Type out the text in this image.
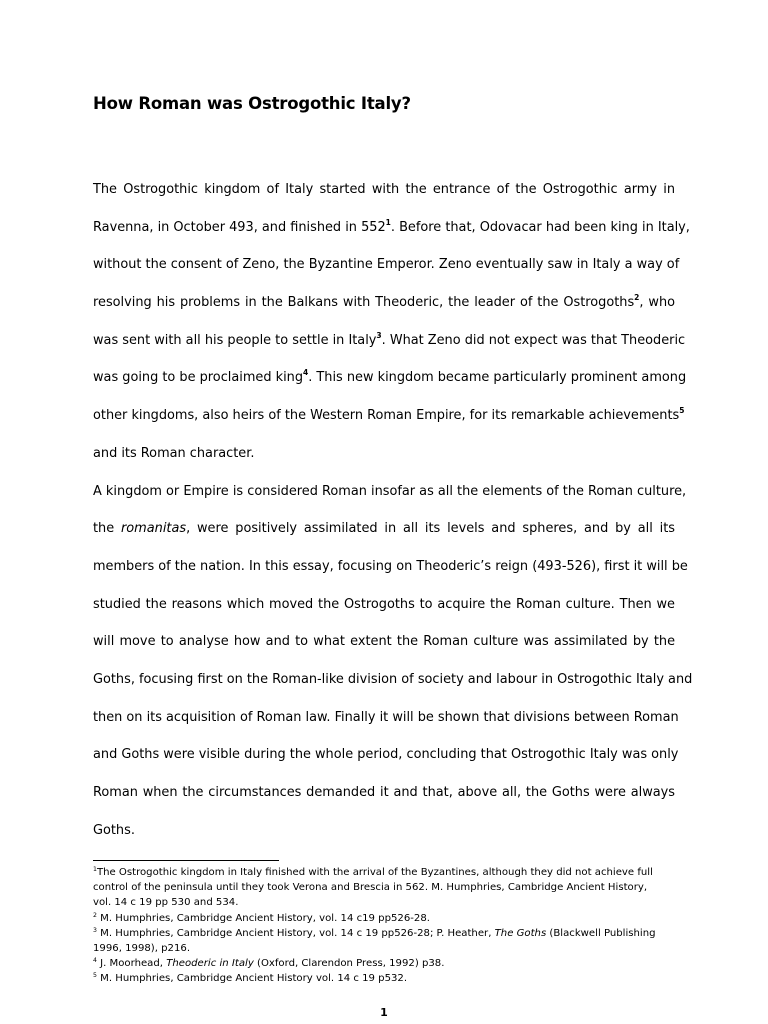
How Roman was Ostrogothic Italy?
The Ostrogothic kingdom of Italy started with the entrance of the Ostrogothic army in
Ravenna, in October 493, and finished in $552^1$. Before that, Odovacar had been king in Italy,
without the consent of Zeno, the Byzantine Emperor. Zeno eventually saw in Italy a way of
resolving his problems in the Balkans with Theoderic, the leader of the Ostrogoths$^2$, who
was sent with all his people to settle in Italy$^3$. What Zeno did not expect was that Theoderic
was going to be proclaimed king$^4$. This new kingdom became particularly prominent among
other kingdoms, also heirs of the Western Roman Empire, for its remarkable achievements$^5$
and its Roman character.
A kingdom or Empire is considered Roman insofar as all the elements of the Roman culture,
the romanitas, were positively assimilated in all its levels and spheres, and by all its
members of the nation. In this essay, focusing on Theoderic’s reign (493-526), first it will be
studied the reasons which moved the Ostrogoths to acquire the Roman culture. Then we
will move to analyse how and to what extent the Roman culture was assimilated by the
Goths, focusing first on the Roman-like division of society and labour in Ostrogothic Italy and
then on its acquisition of Roman law. Finally it will be shown that divisions between Roman
and Goths were visible during the whole period, concluding that Ostrogothic Italy was only
Roman when the circumstances demanded it and that, above all, the Goths were always
Goths.
$^1$The Ostrogothic kingdom in Italy finished with the arrival of the Byzantines, although they did not achieve full
control of the peninsula until they took Verona and Brescia in 562. M. Humphries, Cambridge Ancient History,
vol. 14 c 19 pp 530 and 534.
$^2$ M. Humphries, Cambridge Ancient History, vol. 14 c19 pp526-28.
$^3$ M. Humphries, Cambridge Ancient History, vol. 14 c 19 pp526-28; P. Heather, The Goths (Blackwell Publishing
1996, 1998), p216.
$^4$ J. Moorhead, Theoderic in Italy (Oxford, Clarendon Press, 1992) p38.
$^5$ M. Humphries, Cambridge Ancient History vol. 14 c 19 p532.
1
